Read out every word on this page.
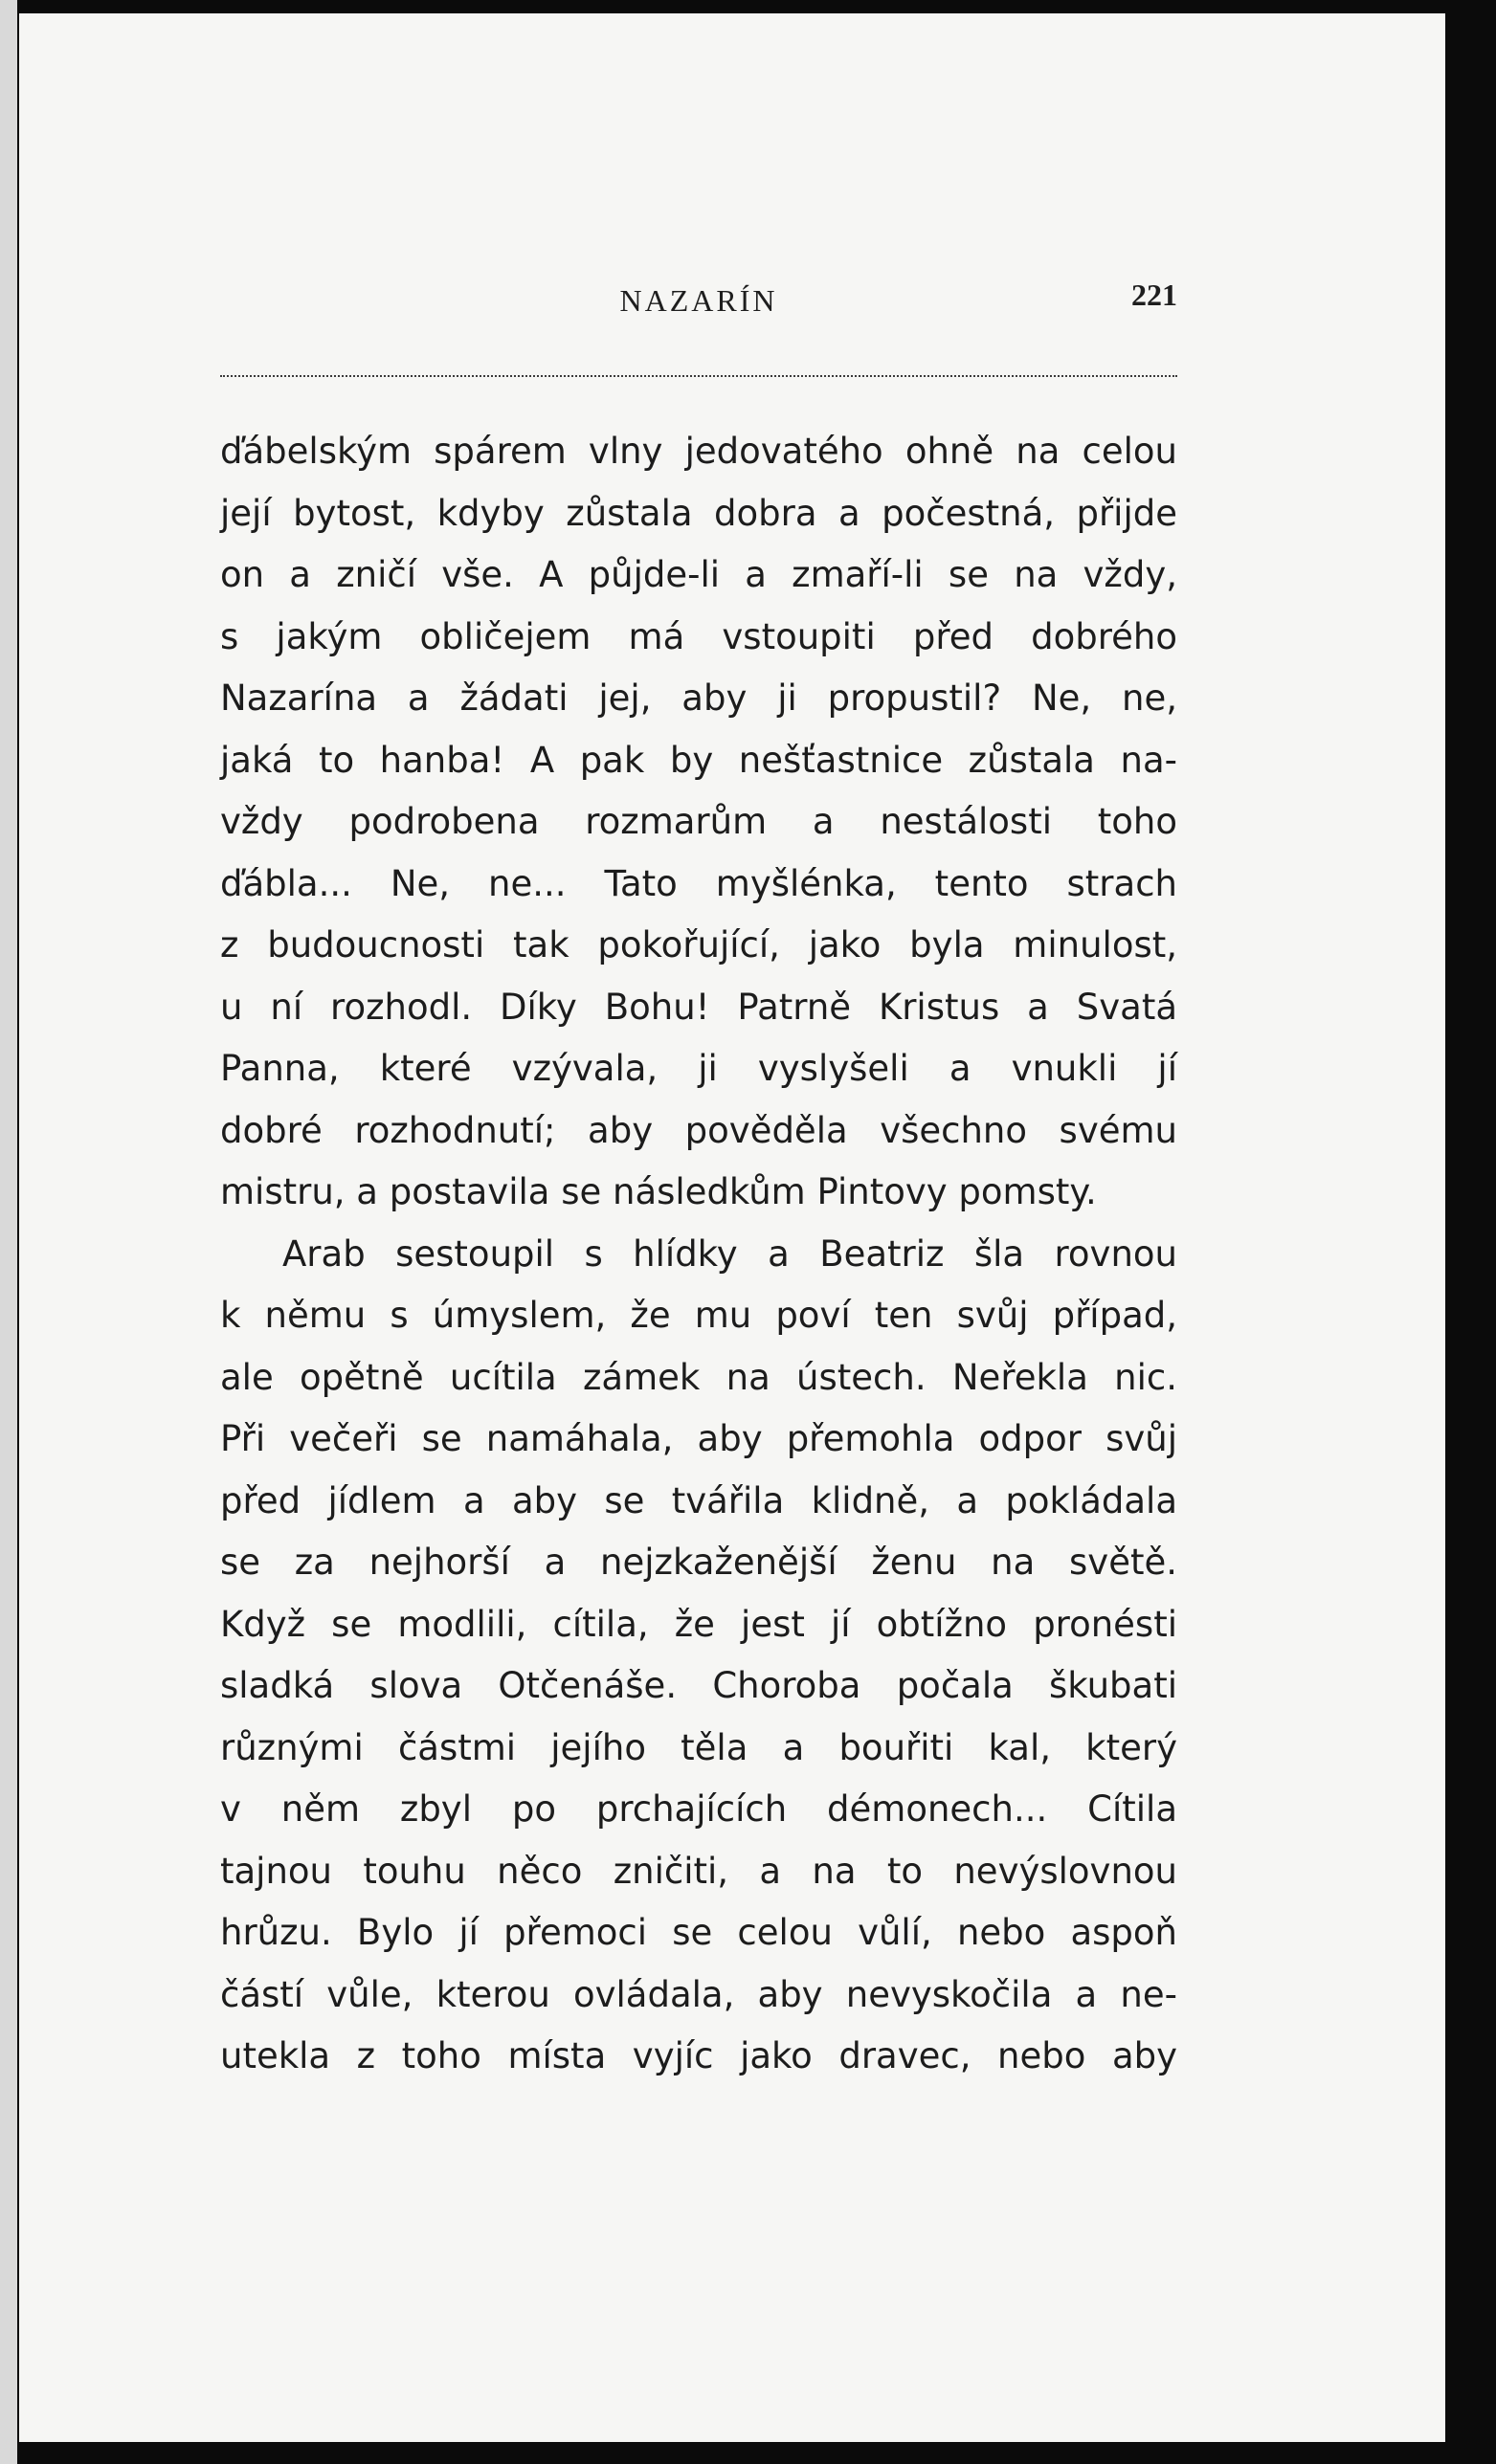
NAZARÍN	221
ďábelským spárem vlny jedovatého ohně na celou
její bytost, kdyby zůstala dobra a počestná, přijde
on a zničí vše. A půjde-li a zmaří-li se na vždy,
s jakým obličejem má vstoupiti před dobrého
Nazarína a žádati jej, aby ji propustil? Ne, ne,
jaká to hanba! A pak by nešťastnice zůstala na-
vždy podrobena rozmarům a nestálosti toho
ďábla... Ne, ne... Tato myšlénka, tento strach
z budoucnosti tak pokořující, jako byla minulost,
u ní rozhodl. Díky Bohu! Patrně Kristus a Svatá
Panna, které vzývala, ji vyslyšeli a vnukli jí
dobré rozhodnutí; aby pověděla všechno svému
mistru, a postavila se následkům Pintovy pomsty.
Arab sestoupil s hlídky a Beatriz šla rovnou
k němu s úmyslem, že mu poví ten svůj případ,
ale opětně ucítila zámek na ústech. Neřekla nic.
Při večeři se namáhala, aby přemohla odpor svůj
před jídlem a aby se tvářila klidně, a pokládala
se za nejhorší a nejzkaženější ženu na světě.
Když se modlili, cítila, že jest jí obtížno pronésti
sladká slova Otčenáše. Choroba počala škubati
různými částmi jejího těla a bouřiti kal, který
v něm zbyl po prchajících démonech... Cítila
tajnou touhu něco zničiti, a na to nevýslovnou
hrůzu. Bylo jí přemoci se celou vůlí, nebo aspoň
částí vůle, kterou ovládala, aby nevyskočila a ne-
utekla z toho místa vyjíc jako dravec, nebo aby
